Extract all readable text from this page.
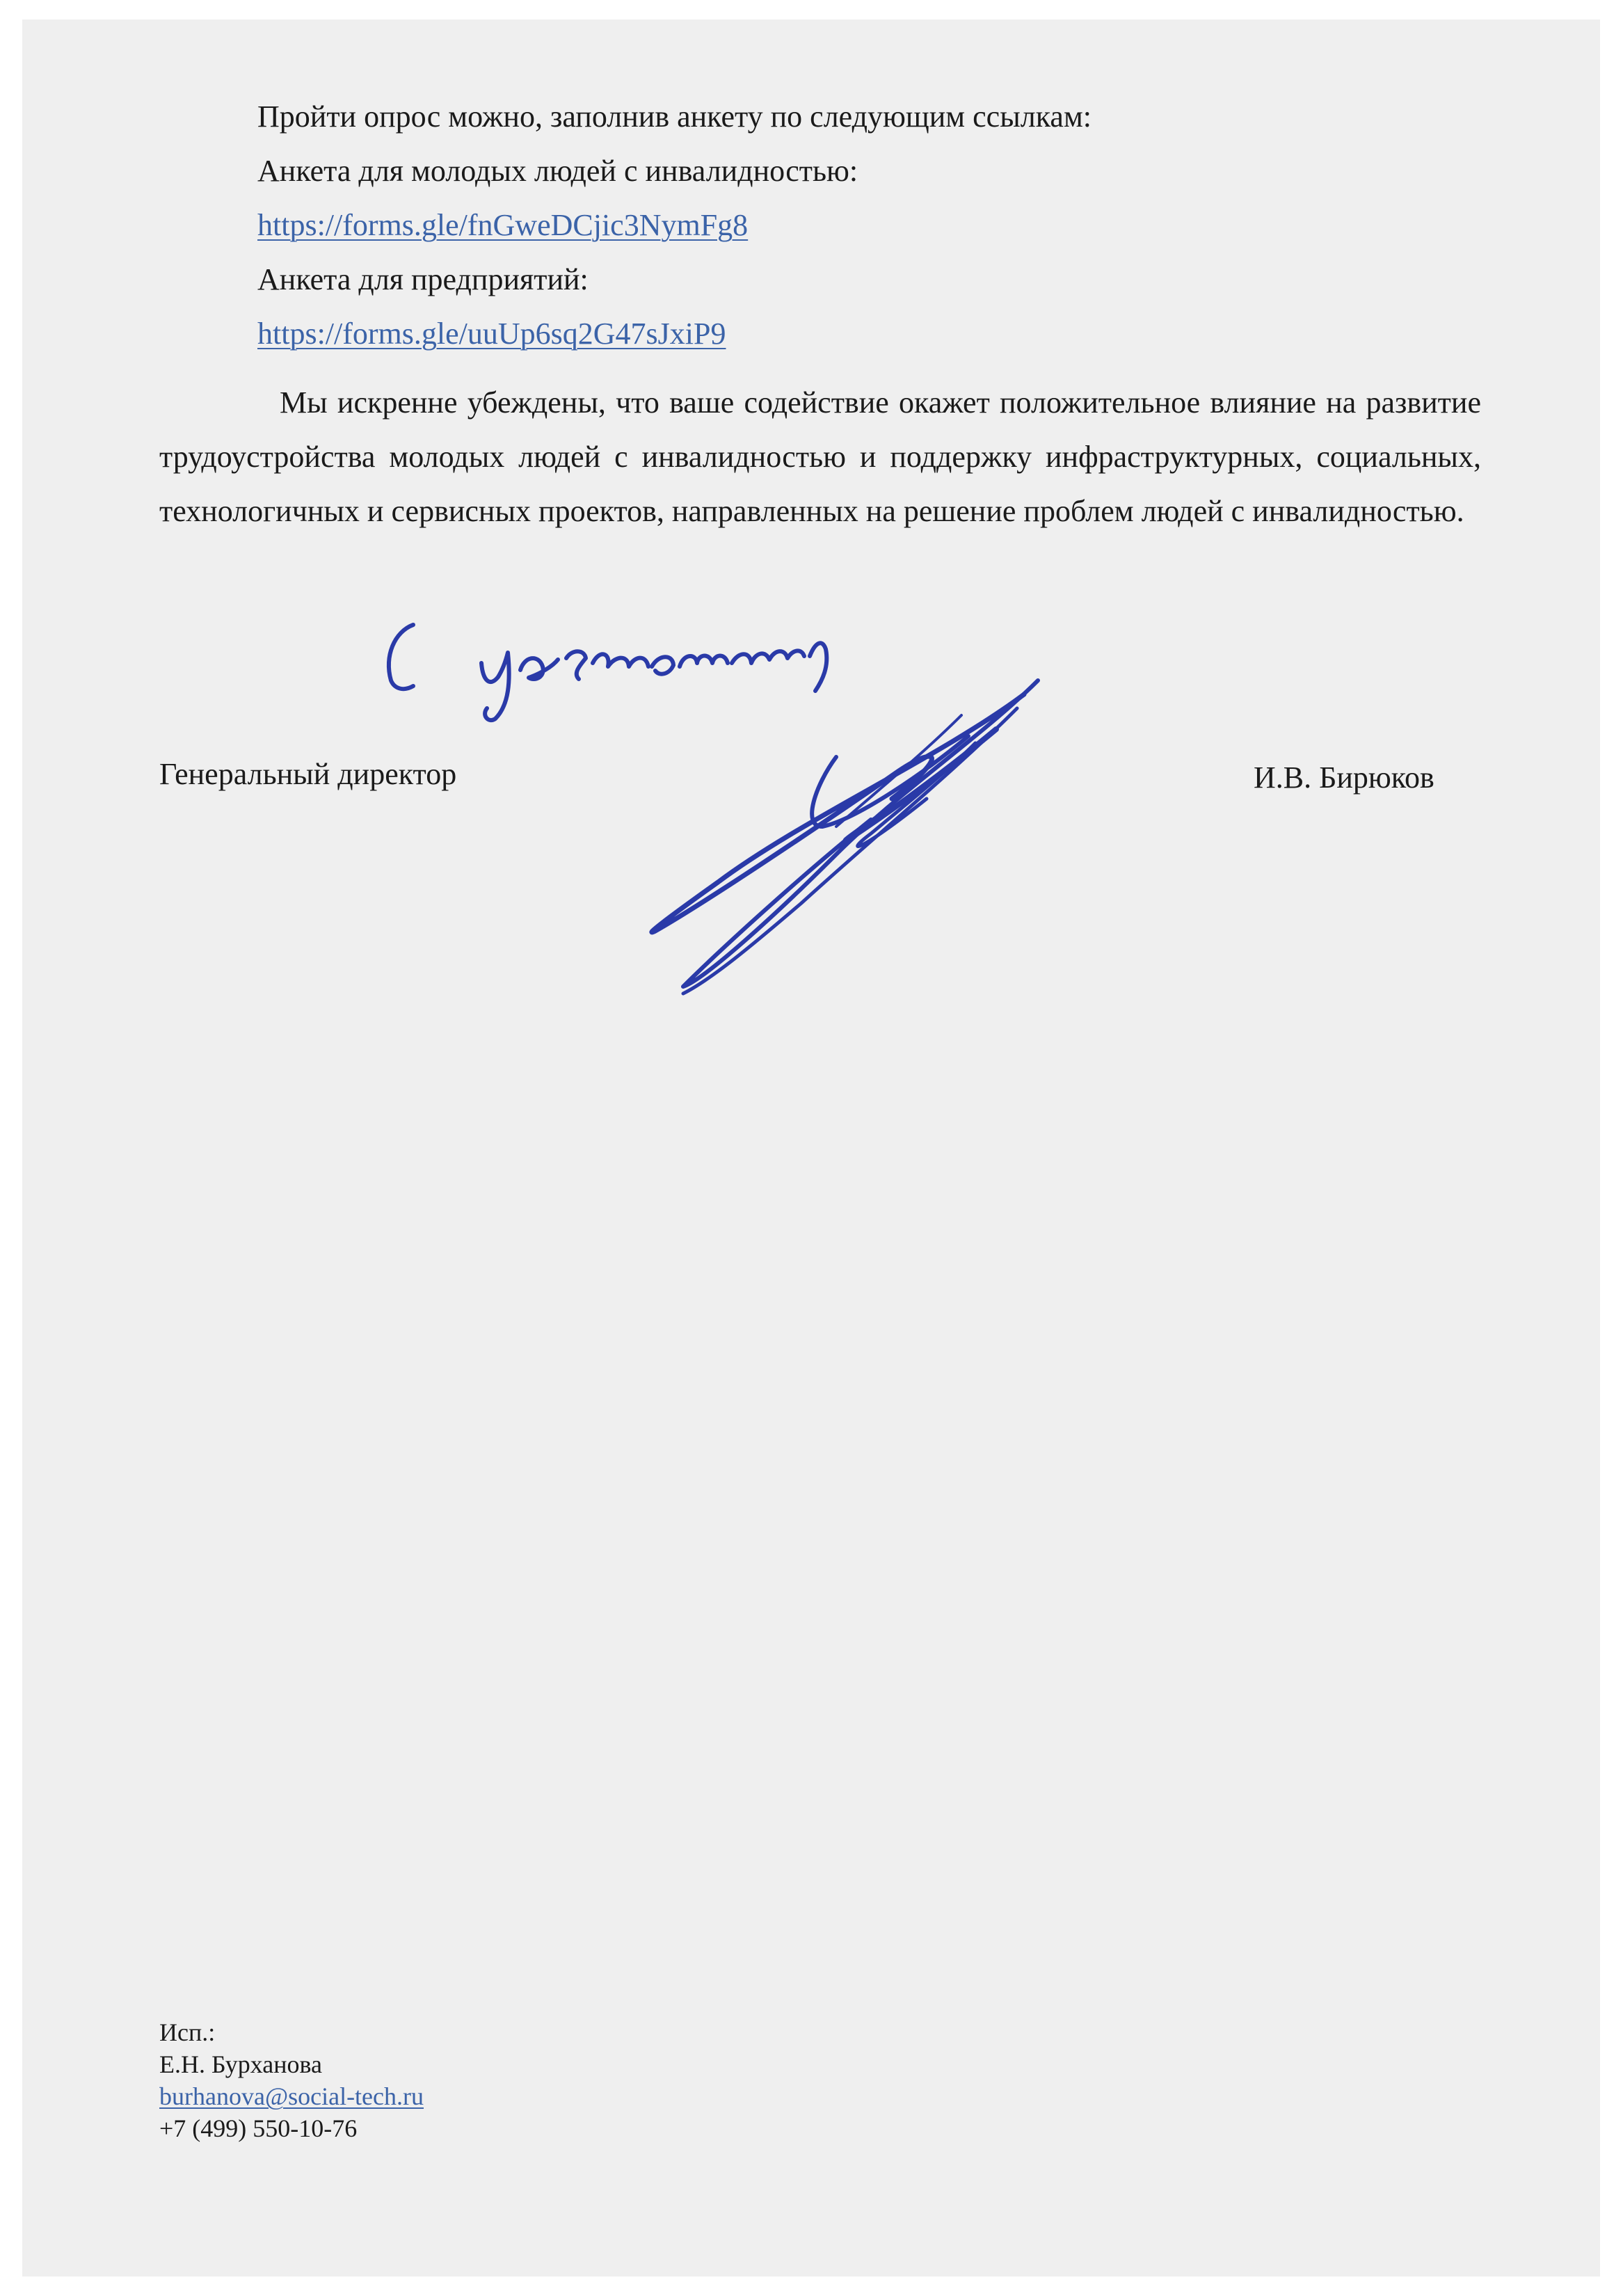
Пройти опрос можно, заполнив анкету по следующим ссылкам:
Анкета для молодых людей с инвалидностью:
https://forms.gle/fnGweDCjic3NymFg8
Анкета для предприятий:
https://forms.gle/uuUp6sq2G47sJxiP9
Мы искренне убеждены, что ваше содействие окажет положительное влияние на развитие трудоустройства молодых людей с инвалидностью и поддержку инфраструктурных, социальных, технологичных и сервисных проектов, направленных на решение проблем людей с инвалидностью.
Генеральный директор	И.В. Бирюков
Исп.:
Е.Н. Бурханова
burhanova@social-tech.ru
+7 (499) 550-10-76
